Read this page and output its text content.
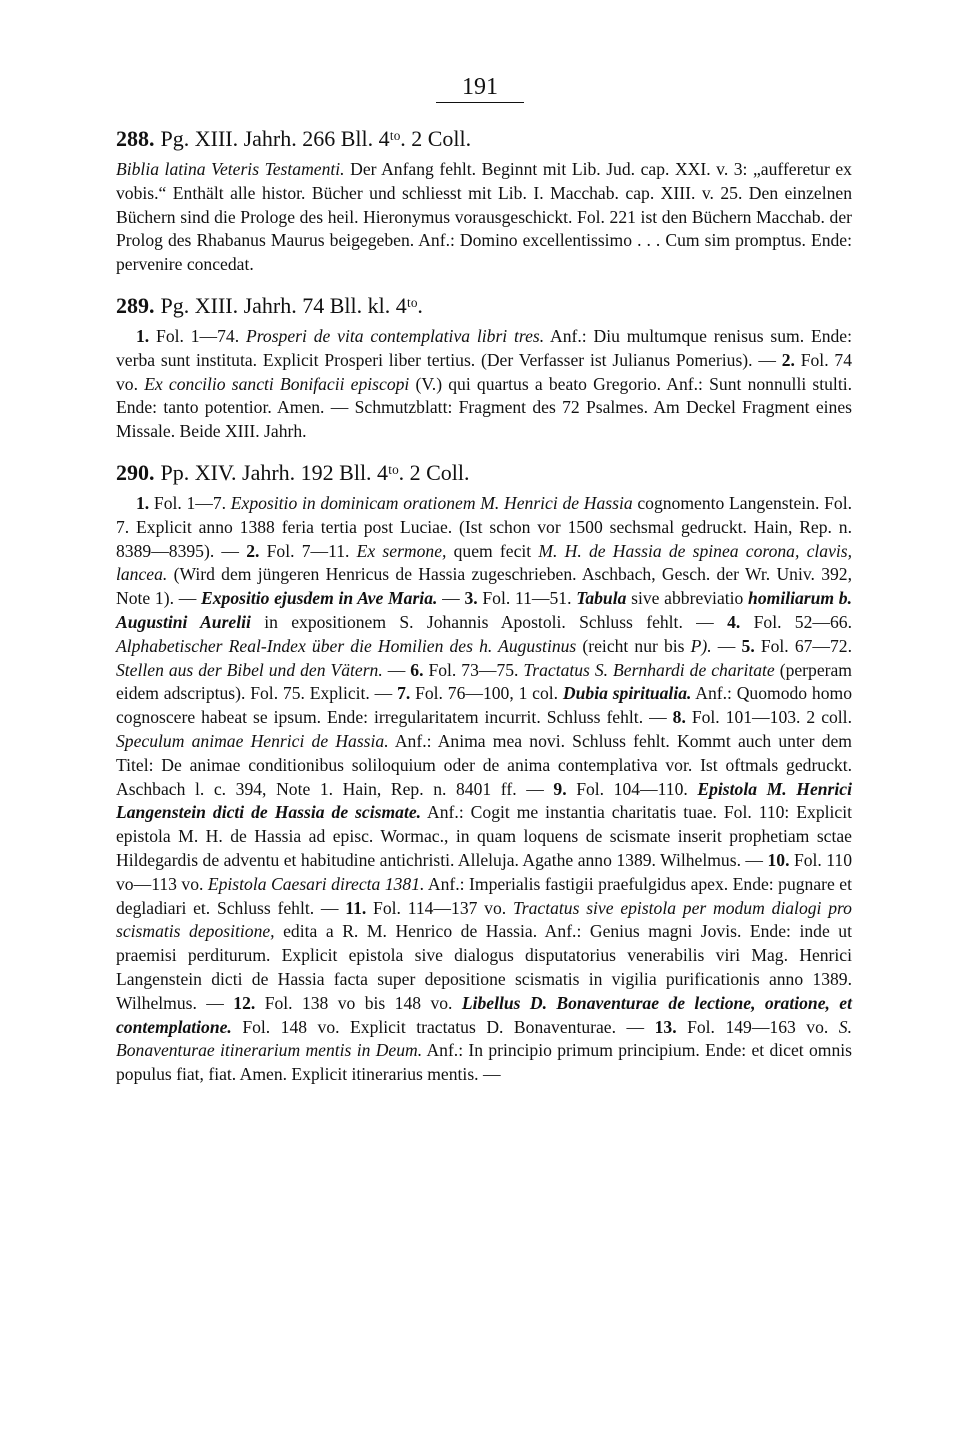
191
288. Pg. XIII. Jahrh. 266 Bll. 4ᵗᵒ. 2 Coll.
Biblia latina Veteris Testamenti. Der Anfang fehlt. Beginnt mit Lib. Jud. cap. XXI. v. 3: „aufferetur ex vobis.“ Enthält alle histor. Bücher und schliesst mit Lib. I. Macchab. cap. XIII. v. 25. Den einzelnen Büchern sind die Prologe des heil. Hieronymus vorausgeschickt. Fol. 221 ist den Büchern Macchab. der Prolog des Rhabanus Maurus beigegeben. Anf.: Domino excellentissimo . . . Cum sim promptus. Ende: pervenire concedat.
289. Pg. XIII. Jahrh. 74 Bll. kl. 4ᵗᵒ.
1. Fol. 1—74. Prosperi de vita contemplativa libri tres. Anf.: Diu multumque renisus sum. Ende: verba sunt instituta. Explicit Prosperi liber tertius. (Der Verfasser ist Julianus Pomerius). — 2. Fol. 74 vo. Ex concilio sancti Bonifacii episcopi (V.) qui quartus a beato Gregorio. Anf.: Sunt nonnulli stulti. Ende: tanto potentior. Amen. — Schmutzblatt: Fragment des 72 Psalmes. Am Deckel Fragment eines Missale. Beide XIII. Jahrh.
290. Pp. XIV. Jahrh. 192 Bll. 4ᵗᵒ. 2 Coll.
1. Fol. 1—7. Expositio in dominicam orationem M. Henrici de Hassia cognomento Langenstein. Fol. 7. Explicit anno 1388 feria tertia post Luciae. (Ist schon vor 1500 sechsmal gedruckt. Hain, Rep. n. 8389—8395). — 2. Fol. 7—11. Ex sermone, quem fecit M. H. de Hassia de spinea corona, clavis, lancea. (Wird dem jüngeren Henricus de Hassia zugeschrieben. Aschbach, Gesch. der Wr. Univ. 392, Note 1). — Expositio ejusdem in Ave Maria. — 3. Fol. 11—51. Tabula sive abbreviatio homiliarum b. Augustini Aurelii in expositionem S. Johannis Apostoli. Schluss fehlt. — 4. Fol. 52—66. Alphabetischer Real-Index über die Homilien des h. Augustinus (reicht nur bis P). — 5. Fol. 67—72. Stellen aus der Bibel und den Vätern. — 6. Fol. 73—75. Tractatus S. Bernhardi de charitate (perperam eidem adscriptus). Fol. 75. Explicit. — 7. Fol. 76—100, 1 col. Dubia spiritualia. Anf.: Quomodo homo cognoscere habeat se ipsum. Ende: irregularitatem incurrit. Schluss fehlt. — 8. Fol. 101—103. 2 coll. Speculum animae Henrici de Hassia. Anf.: Anima mea novi. Schluss fehlt. Kommt auch unter dem Titel: De animae conditionibus soliloquium oder de anima contemplativa vor. Ist oftmals gedruckt. Aschbach l. c. 394, Note 1. Hain, Rep. n. 8401 ff. — 9. Fol. 104—110. Epistola M. Henrici Langenstein dicti de Hassia de scismate. Anf.: Cogit me instantia charitatis tuae. Fol. 110: Explicit epistola M. H. de Hassia ad episc. Wormac., in quam loquens de scismate inserit prophetiam sctae Hildegardis de adventu et habitudine antichristi. Alleluja. Agathe anno 1389. Wilhelmus. — 10. Fol. 110 vo—113 vo. Epistola Caesari directa 1381. Anf.: Imperialis fastigii praefulgidus apex. Ende: pugnare et degladiari et. Schluss fehlt. — 11. Fol. 114—137 vo. Tractatus sive epistola per modum dialogi pro scismatis depositione, edita a R. M. Henrico de Hassia. Anf.: Genius magni Jovis. Ende: inde ut praemisi perditurum. Explicit epistola sive dialogus disputatorius venerabilis viri Mag. Henrici Langenstein dicti de Hassia facta super depositione scismatis in vigilia purificationis anno 1389. Wilhelmus. — 12. Fol. 138 vo bis 148 vo. Libellus D. Bonaventurae de lectione, oratione, et contemplatione. Fol. 148 vo. Explicit tractatus D. Bonaventurae. — 13. Fol. 149—163 vo. S. Bonaventurae itinerarium mentis in Deum. Anf.: In principio primum principium. Ende: et dicet omnis populus fiat, fiat. Amen. Explicit itinerarius mentis. —
